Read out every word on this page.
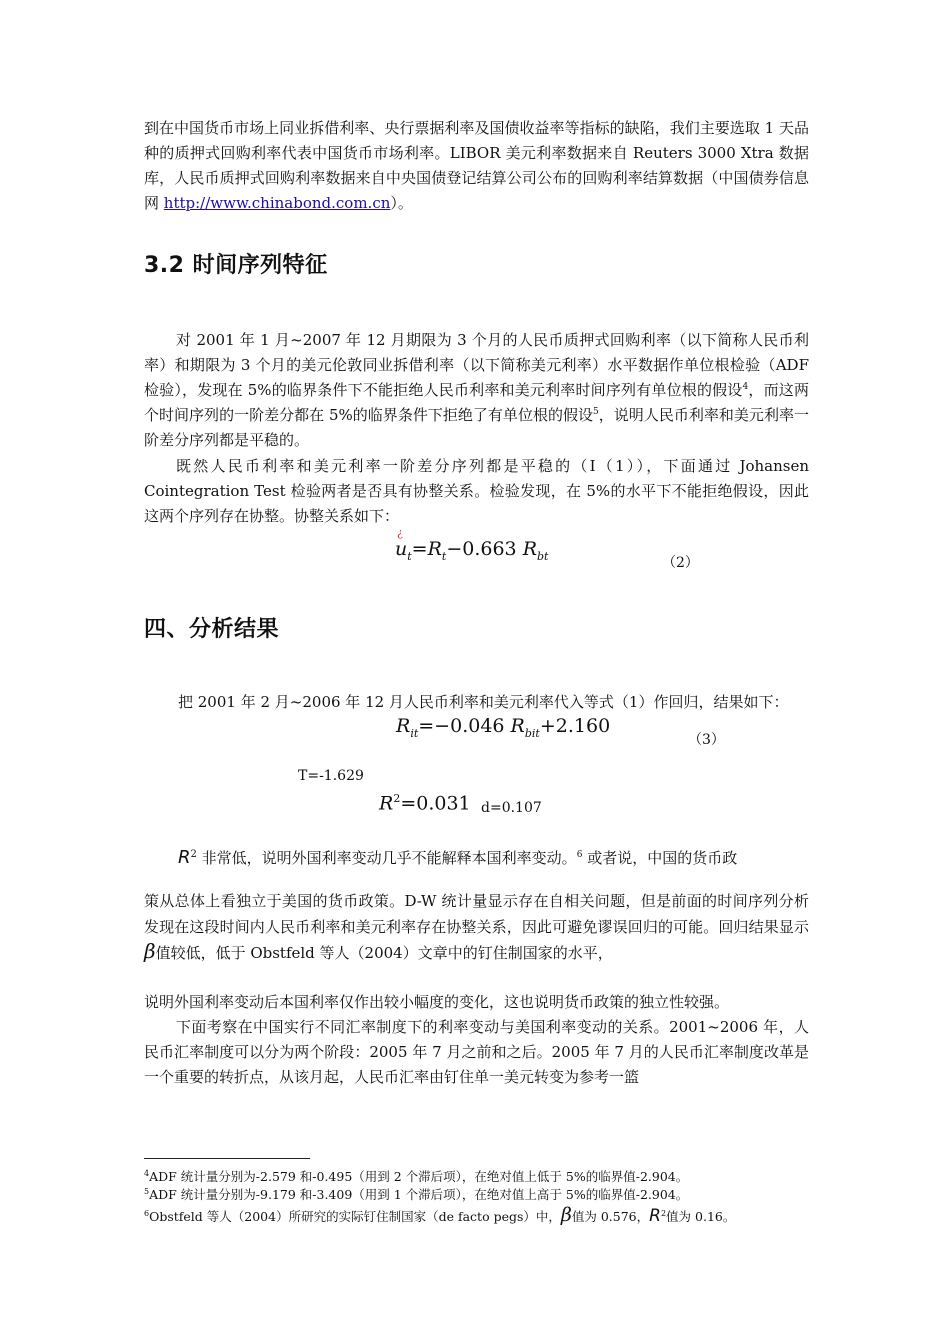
到在中国货币市场上同业拆借利率、央行票据利率及国债收益率等指标的缺陷，我们主要选取 1 天品种的质押式回购利率代表中国货币市场利率。LIBOR 美元利率数据来自 Reuters 3000 Xtra 数据库，人民币质押式回购利率数据来自中央国债登记结算公司公布的回购利率结算数据（中国债券信息网 http://www.chinabond.com.cn）。

3.2 时间序列特征

对 2001 年 1 月~2007 年 12 月期限为 3 个月的人民币质押式回购利率（以下简称人民币利率）和期限为 3 个月的美元伦敦同业拆借利率（以下简称美元利率）水平数据作单位根检验（ADF 检验），发现在 5%的临界条件下不能拒绝人民币利率和美元利率时间序列有单位根的假设$^4$，而这两个时间序列的一阶差分都在 5%的临界条件下拒绝了有单位根的假设$^5$，说明人民币利率和美元利率一阶差分序列都是平稳的。

既然人民币利率和美元利率一阶差分序列都是平稳的（I（1）），下面通过 Johansen Cointegration Test 检验两者是否具有协整关系。检验发现，在 5%的水平下不能拒绝假设，因此这两个序列存在协整。协整关系如下：

¿
$u_t=R_t-0.663$ $R_{bt}$	（2）
四、分析结果

把 2001 年 2 月~2006 年 12 月人民币利率和美元利率代入等式（1）作回归，结果如下：

$R_{it}=-0.046$ $R_{bit}+2.160$
（3）
T=-1.629
$R^2=0.031$ d=0.107
$R^2$ 非常低，说明外国利率变动几乎不能解释本国利率变动。$^6$ 或者说，中国的货币政

策从总体上看独立于美国的货币政策。D-W 统计量显示存在自相关问题，但是前面的时间序列分析发现在这段时间内人民币利率和美元利率存在协整关系，因此可避免谬误回归的可能。回归结果显示β值较低，低于 Obstfeld 等人（2004）文章中的钉住制国家的水平，

说明外国利率变动后本国利率仅作出较小幅度的变化，这也说明货币政策的独立性较强。

下面考察在中国实行不同汇率制度下的利率变动与美国利率变动的关系。2001~2006 年，人民币汇率制度可以分为两个阶段：2005 年 7 月之前和之后。2005 年 7 月的人民币汇率制度改革是一个重要的转折点，从该月起，人民币汇率由钉住单一美元转变为参考一篮

$^4$ADF 统计量分别为-2.579 和-0.495（用到 2 个滞后项），在绝对值上低于 5%的临界值-2.904。
$^5$ADF 统计量分别为-9.179 和-3.409（用到 1 个滞后项），在绝对值上高于 5%的临界值-2.904。
$^6$Obstfeld 等人（2004）所研究的实际钉住制国家（de facto pegs）中，β值为 0.576，$R^2$值为 0.16。
